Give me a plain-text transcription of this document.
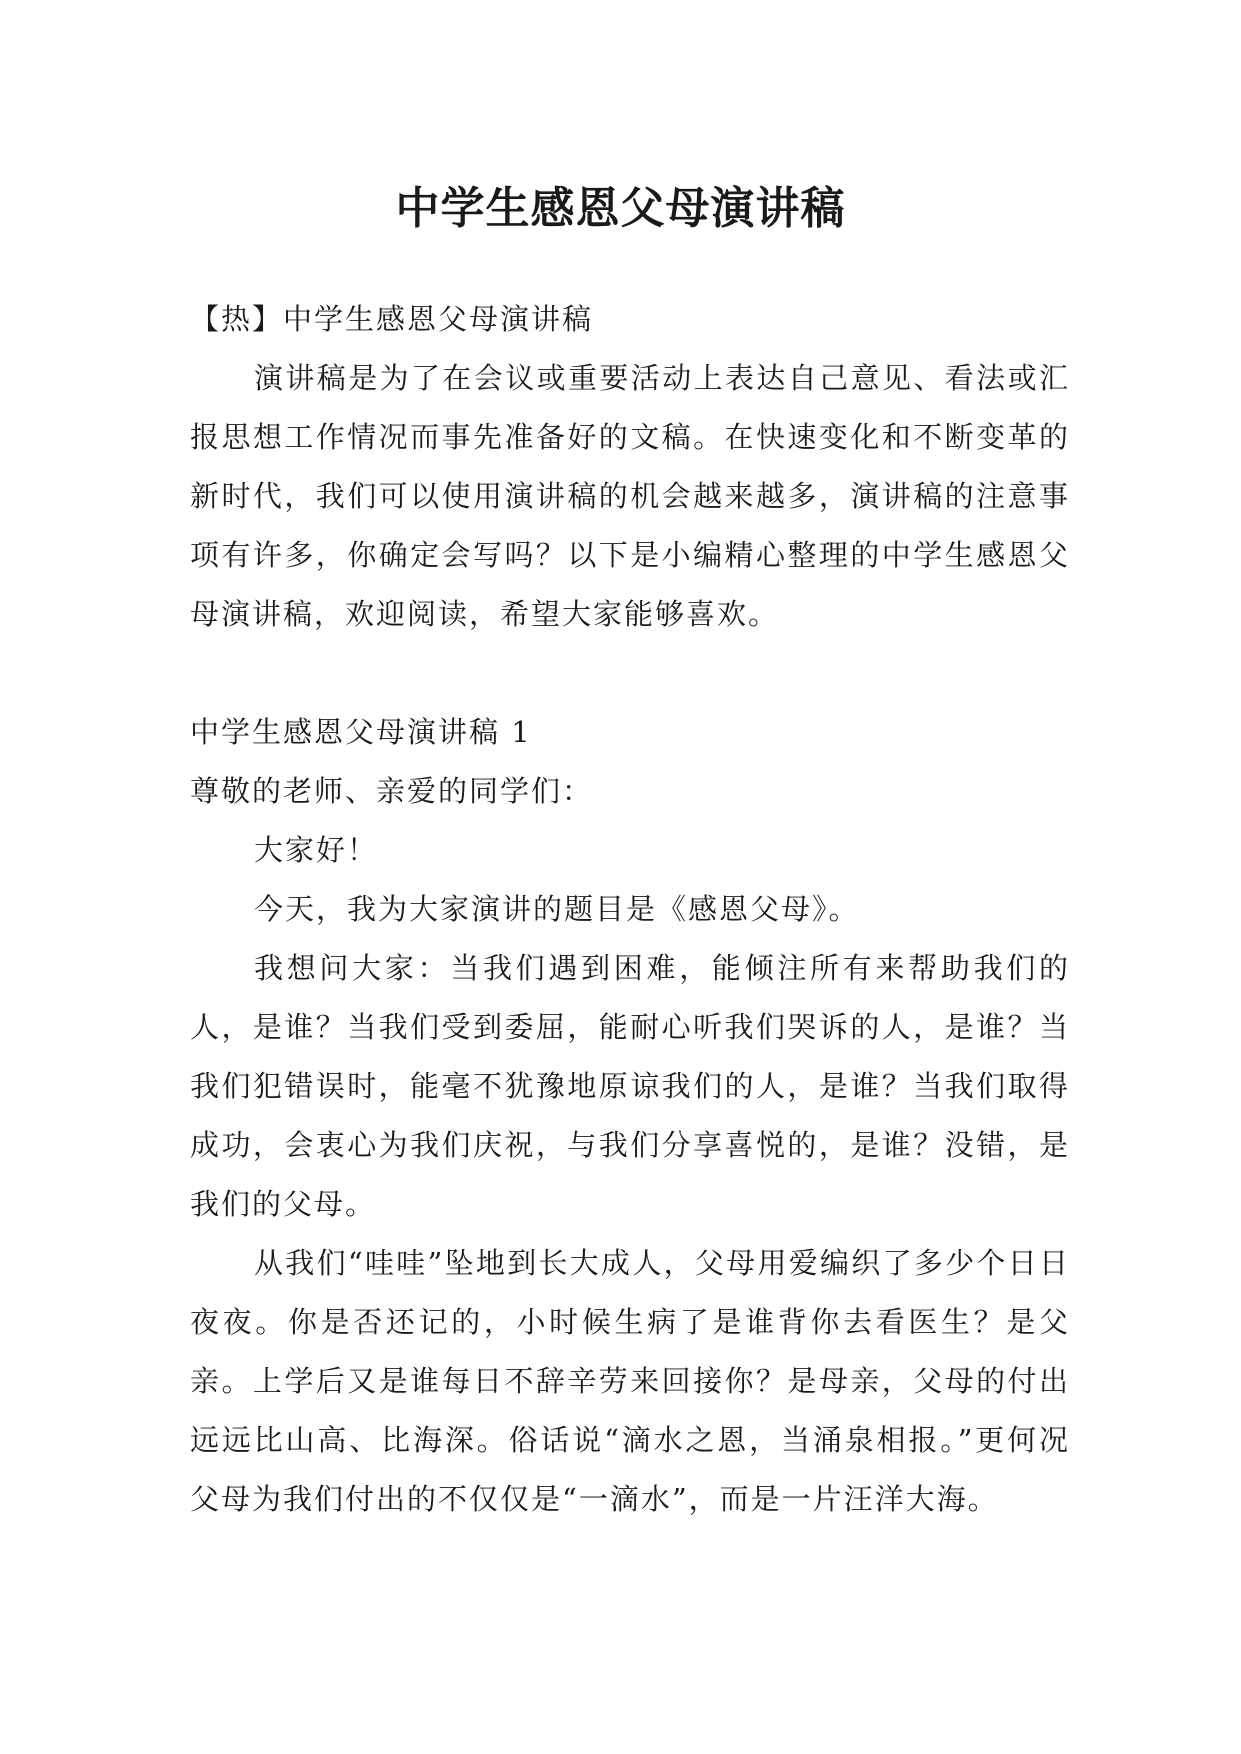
中学生感恩父母演讲稿

【热】中学生感恩父母演讲稿

演讲稿是为了在会议或重要活动上表达自己意见、看法或汇报思想工作情况而事先准备好的文稿。在快速变化和不断变革的新时代，我们可以使用演讲稿的机会越来越多，演讲稿的注意事项有许多，你确定会写吗？以下是小编精心整理的中学生感恩父母演讲稿，欢迎阅读，希望大家能够喜欢。

中学生感恩父母演讲稿 1

尊敬的老师、亲爱的同学们：

大家好！

今天，我为大家演讲的题目是《感恩父母》。

我想问大家：当我们遇到困难，能倾注所有来帮助我们的人，是谁？当我们受到委屈，能耐心听我们哭诉的人，是谁？当我们犯错误时，能毫不犹豫地原谅我们的人，是谁？当我们取得成功，会衷心为我们庆祝，与我们分享喜悦的，是谁？没错，是我们的父母。

从我们“哇哇”坠地到长大成人，父母用爱编织了多少个日日夜夜。你是否还记的，小时候生病了是谁背你去看医生？是父亲。上学后又是谁每日不辞辛劳来回接你？是母亲，父母的付出远远比山高、比海深。俗话说“滴水之恩，当涌泉相报。”更何况父母为我们付出的不仅仅是“一滴水”，而是一片汪洋大海。
